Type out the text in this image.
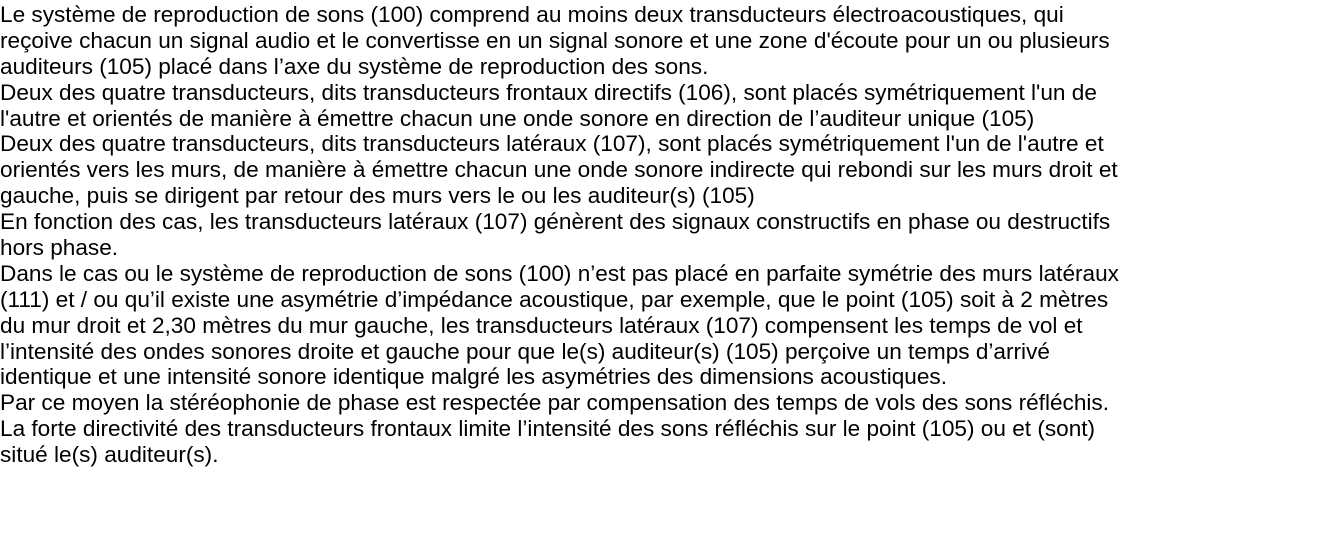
Le système de reproduction de sons (100) comprend au moins deux transducteurs électroacoustiques, qui
reçoive chacun un signal audio et le convertisse en un signal sonore et une zone d'écoute pour un ou plusieurs
auditeurs (105) placé dans l’axe du système de reproduction des sons.

Deux des quatre transducteurs, dits transducteurs frontaux directifs (106), sont placés symétriquement l'un de
l'autre et orientés de manière à émettre chacun une onde sonore en direction de l’auditeur unique (105)

Deux des quatre transducteurs, dits transducteurs latéraux (107), sont placés symétriquement l'un de l'autre et
orientés vers les murs, de manière à émettre chacun une onde sonore indirecte qui rebondi sur les murs droit et
gauche, puis se dirigent par retour des murs vers le ou les auditeur(s) (105)

En fonction des cas, les transducteurs latéraux (107) génèrent des signaux constructifs en phase ou destructifs
hors phase.

Dans le cas ou le système de reproduction de sons (100) n’est pas placé en parfaite symétrie des murs latéraux
(111) et / ou qu’il existe une asymétrie d’impédance acoustique, par exemple, que le point (105) soit à 2 mètres
du mur droit et 2,30 mètres du mur gauche, les transducteurs latéraux (107) compensent les temps de vol et
l’intensité des ondes sonores droite et gauche pour que le(s) auditeur(s) (105) perçoive un temps d’arrivé
identique et une intensité sonore identique malgré les asymétries des dimensions acoustiques.

Par ce moyen la stéréophonie de phase est respectée par compensation des temps de vols des sons réfléchis.

La forte directivité des transducteurs frontaux limite l’intensité des sons réfléchis sur le point (105) ou et (sont)
situé le(s) auditeur(s).
